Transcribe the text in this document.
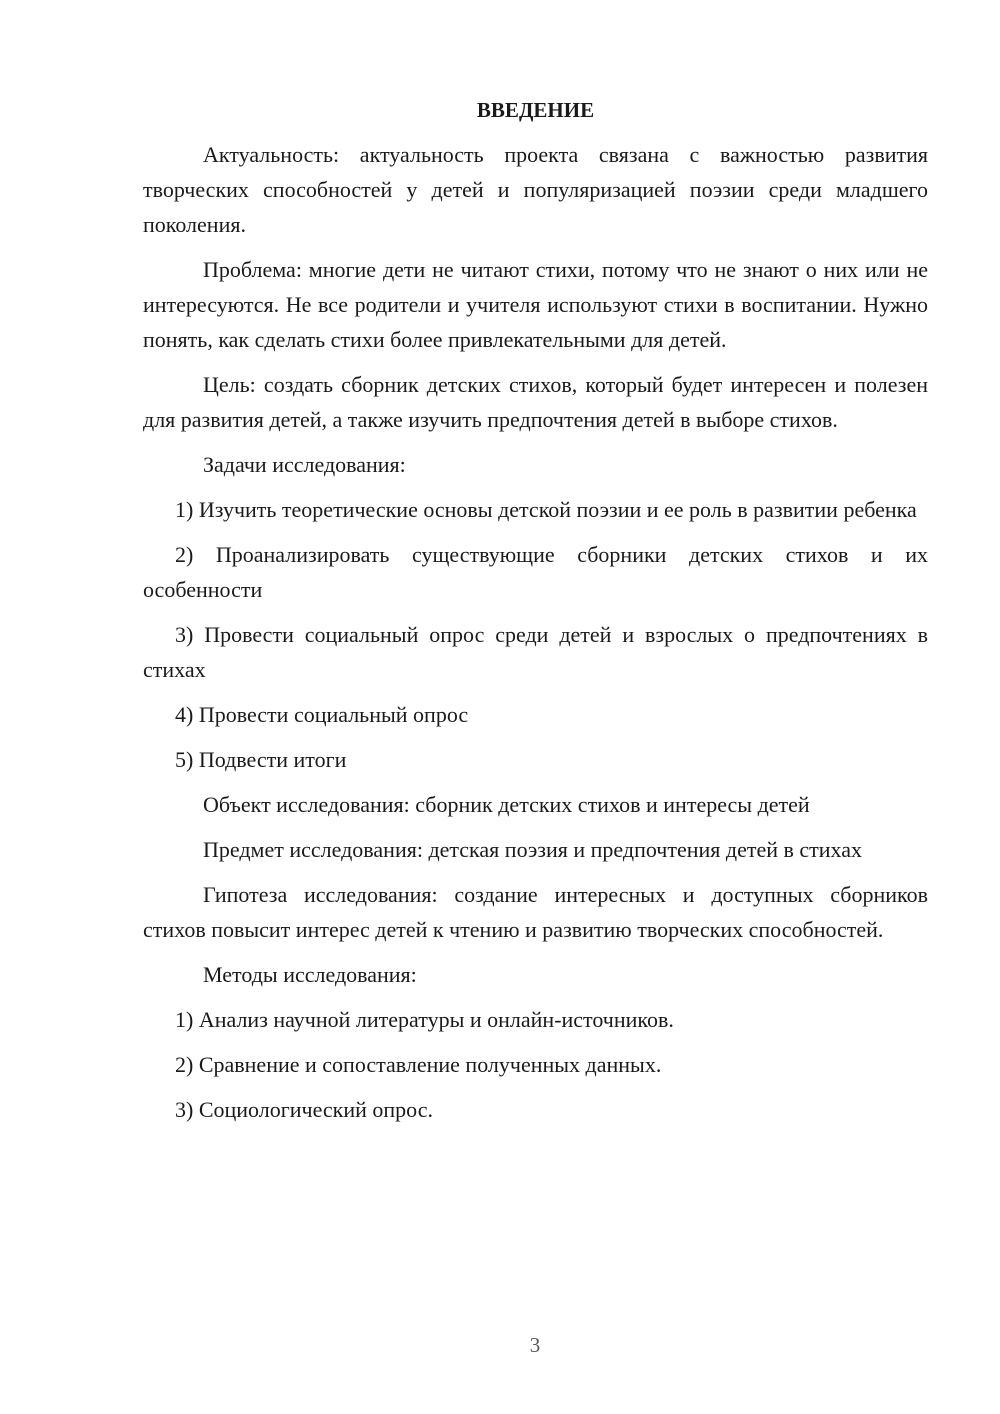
ВВЕДЕНИЕ

Актуальность: актуальность проекта связана с важностью развития творческих способностей у детей и популяризацией поэзии среди младшего поколения.

Проблема: многие дети не читают стихи, потому что не знают о них или не интересуются. Не все родители и учителя используют стихи в воспитании. Нужно понять, как сделать стихи более привлекательными для детей.

Цель: создать сборник детских стихов, который будет интересен и полезен для развития детей, а также изучить предпочтения детей в выборе стихов.

Задачи исследования:

1) Изучить теоретические основы детской поэзии и ее роль в развитии ребенка

2) Проанализировать существующие сборники детских стихов и их особенности

3) Провести социальный опрос среди детей и взрослых о предпочтениях в стихах

4) Провести социальный опрос

5) Подвести итоги

Объект исследования: сборник детских стихов и интересы детей

Предмет исследования: детская поэзия и предпочтения детей в стихах

Гипотеза исследования: создание интересных и доступных сборников стихов повысит интерес детей к чтению и развитию творческих способностей.

Методы исследования:

1) Анализ научной литературы и онлайн-источников.

2) Сравнение и сопоставление полученных данных.

3) Социологический опрос.

3
